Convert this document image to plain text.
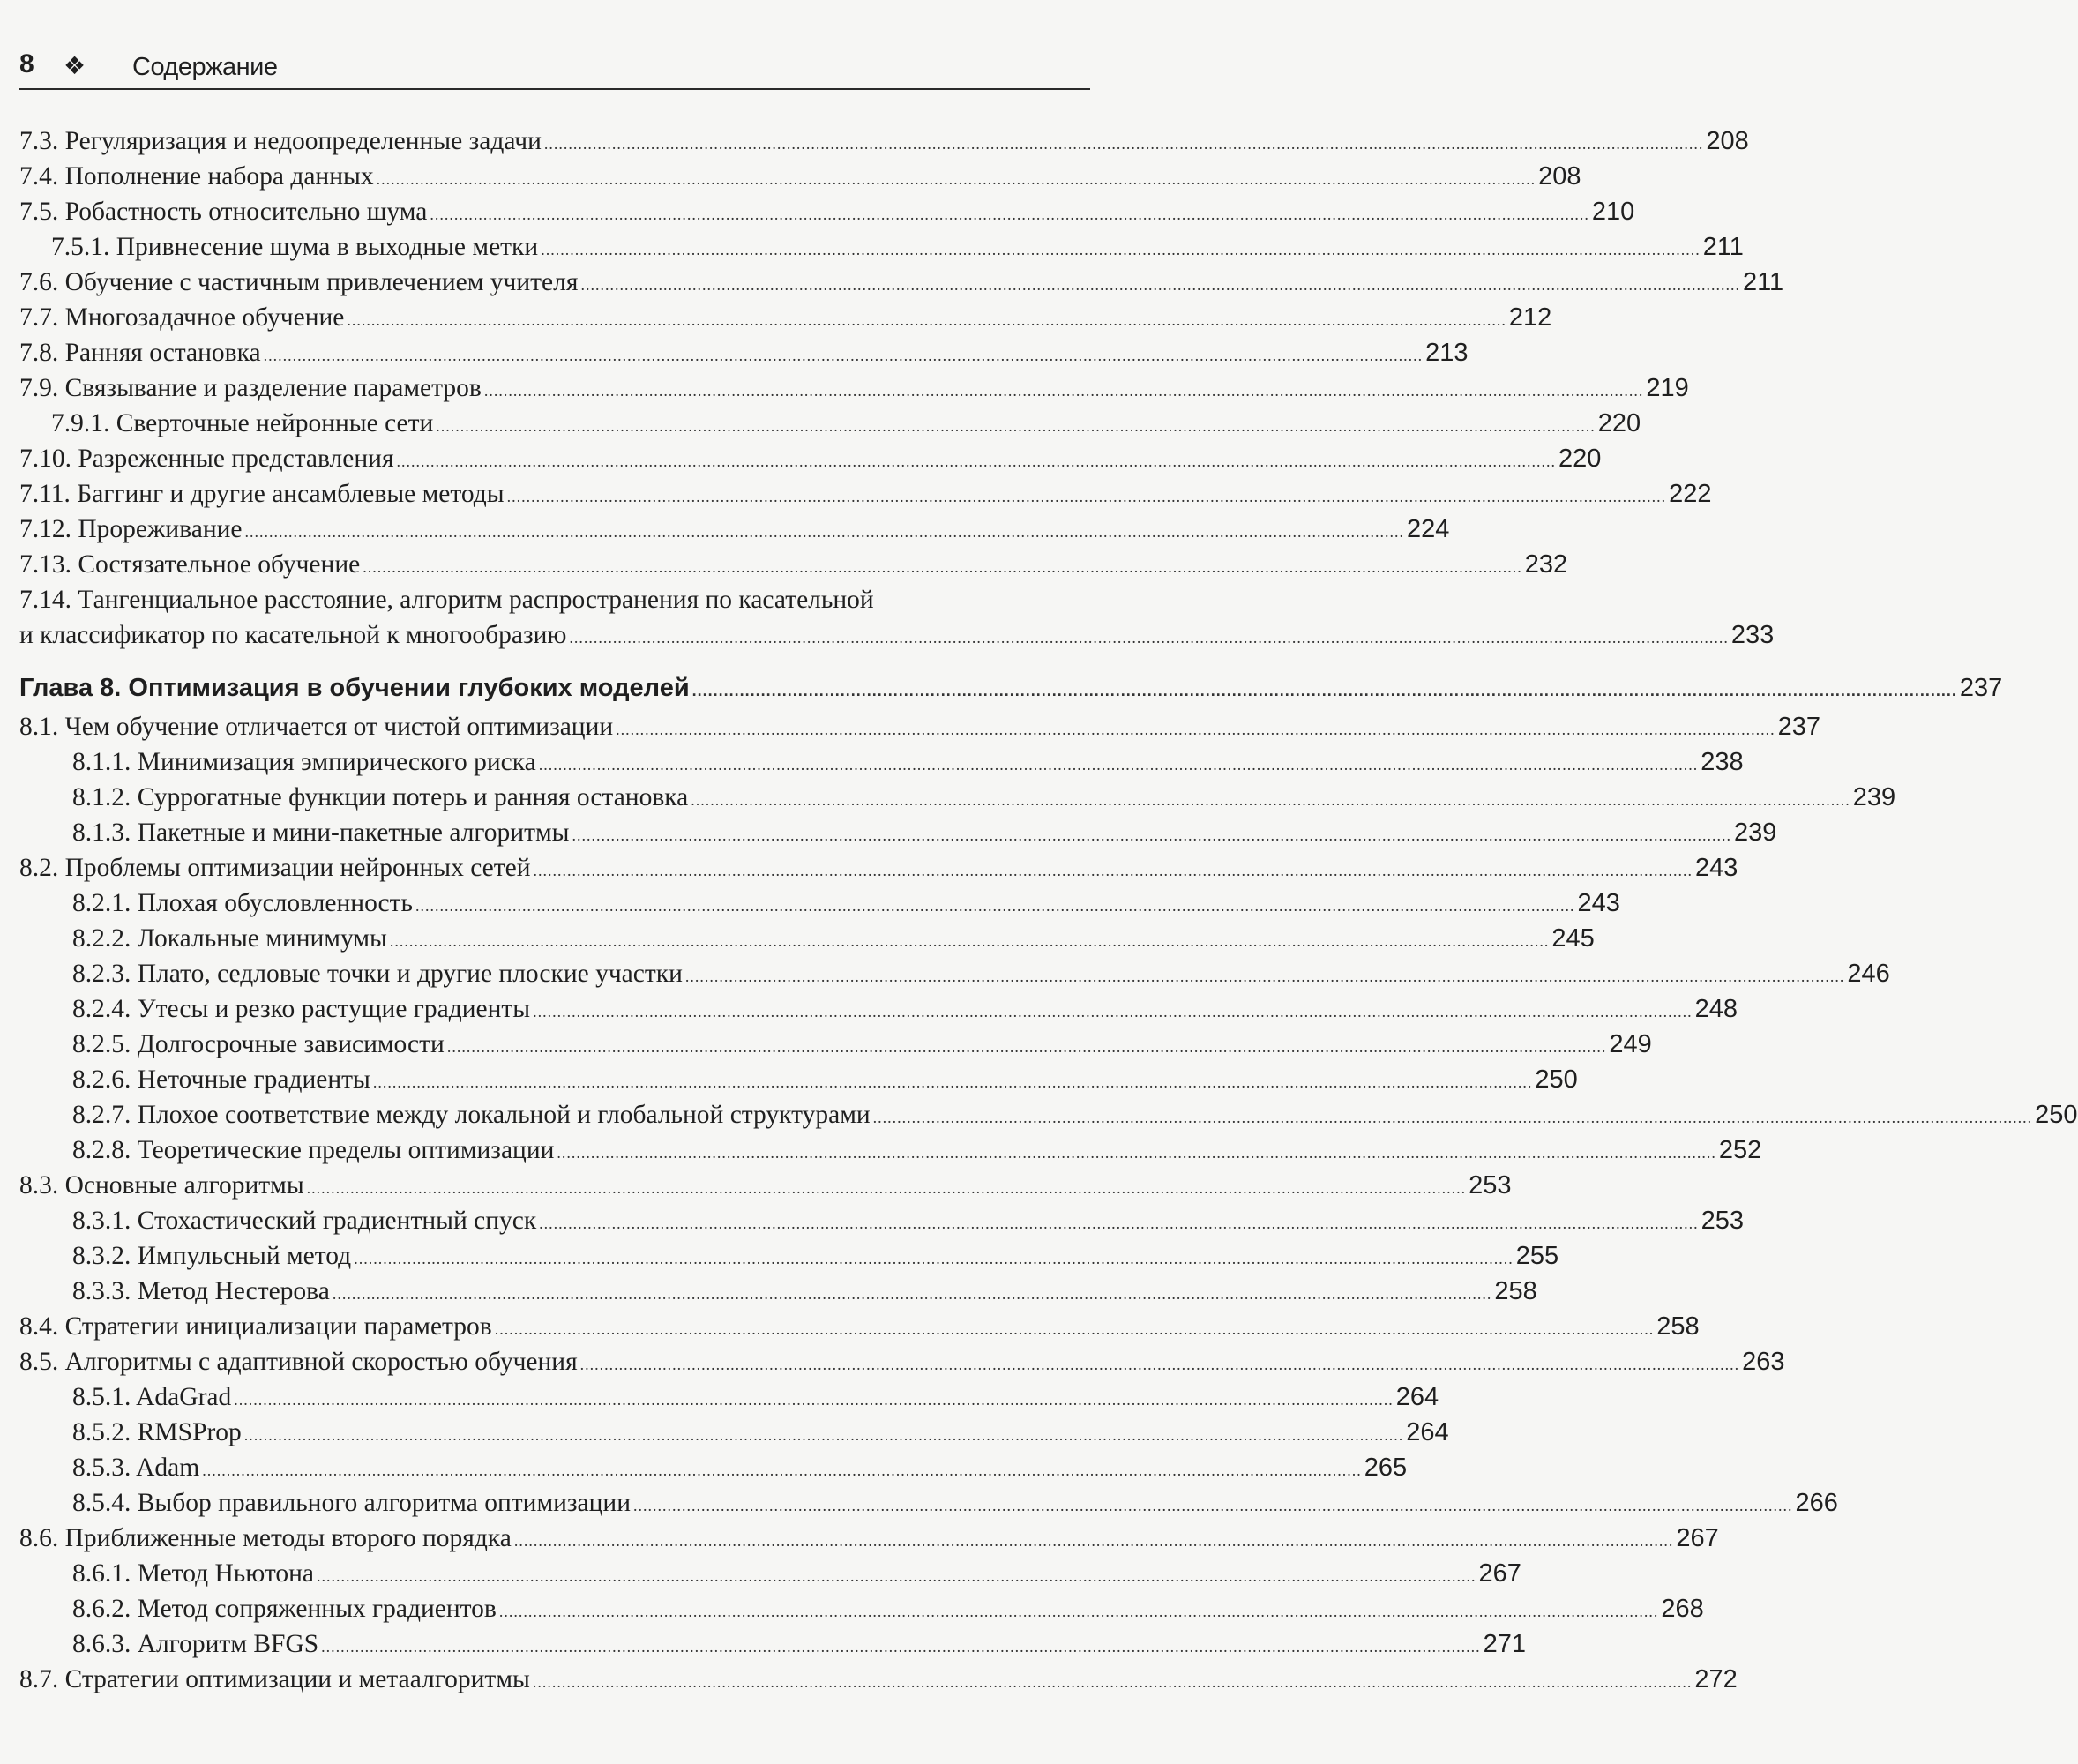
8 ❖ Содержание
7.3. Регуляризация и недоопределенные задачи .....	208
7.4. Пополнение набора данных .....	208
7.5. Робастность относительно шума .....	210
7.5.1. Привнесение шума в выходные метки .....	211
7.6. Обучение с частичным привлечением учителя .....	211
7.7. Многозадачное обучение .....	212
7.8. Ранняя остановка .....	213
7.9. Связывание и разделение параметров .....	219
7.9.1. Сверточные нейронные сети .....	220
7.10. Разреженные представления .....	220
7.11. Баггинг и другие ансамблевые методы .....	222
7.12. Прореживание .....	224
7.13. Состязательное обучение .....	232
7.14. Тангенциальное расстояние, алгоритм распространения по касательной
и классификатор по касательной к многообразию .....	233
Глава 8. Оптимизация в обучении глубоких моделей .....	237
8.1. Чем обучение отличается от чистой оптимизации .....	237
8.1.1. Минимизация эмпирического риска .....	238
8.1.2. Суррогатные функции потерь и ранняя остановка .....	239
8.1.3. Пакетные и мини-пакетные алгоритмы .....	239
8.2. Проблемы оптимизации нейронных сетей .....	243
8.2.1. Плохая обусловленность .....	243
8.2.2. Локальные минимумы .....	245
8.2.3. Плато, седловые точки и другие плоские участки .....	246
8.2.4. Утесы и резко растущие градиенты .....	248
8.2.5. Долгосрочные зависимости .....	249
8.2.6. Неточные градиенты .....	250
8.2.7. Плохое соответствие между локальной и глобальной структурами .....	250
8.2.8. Теоретические пределы оптимизации .....	252
8.3. Основные алгоритмы .....	253
8.3.1. Стохастический градиентный спуск .....	253
8.3.2. Импульсный метод .....	255
8.3.3. Метод Нестерова .....	258
8.4. Стратегии инициализации параметров .....	258
8.5. Алгоритмы с адаптивной скоростью обучения .....	263
8.5.1. AdaGrad .....	264
8.5.2. RMSProp .....	264
8.5.3. Adam .....	265
8.5.4. Выбор правильного алгоритма оптимизации .....	266
8.6. Приближенные методы второго порядка .....	267
8.6.1. Метод Ньютона .....	267
8.6.2. Метод сопряженных градиентов .....	268
8.6.3. Алгоритм BFGS .....	271
8.7. Стратегии оптимизации и метаалгоритмы .....	272
